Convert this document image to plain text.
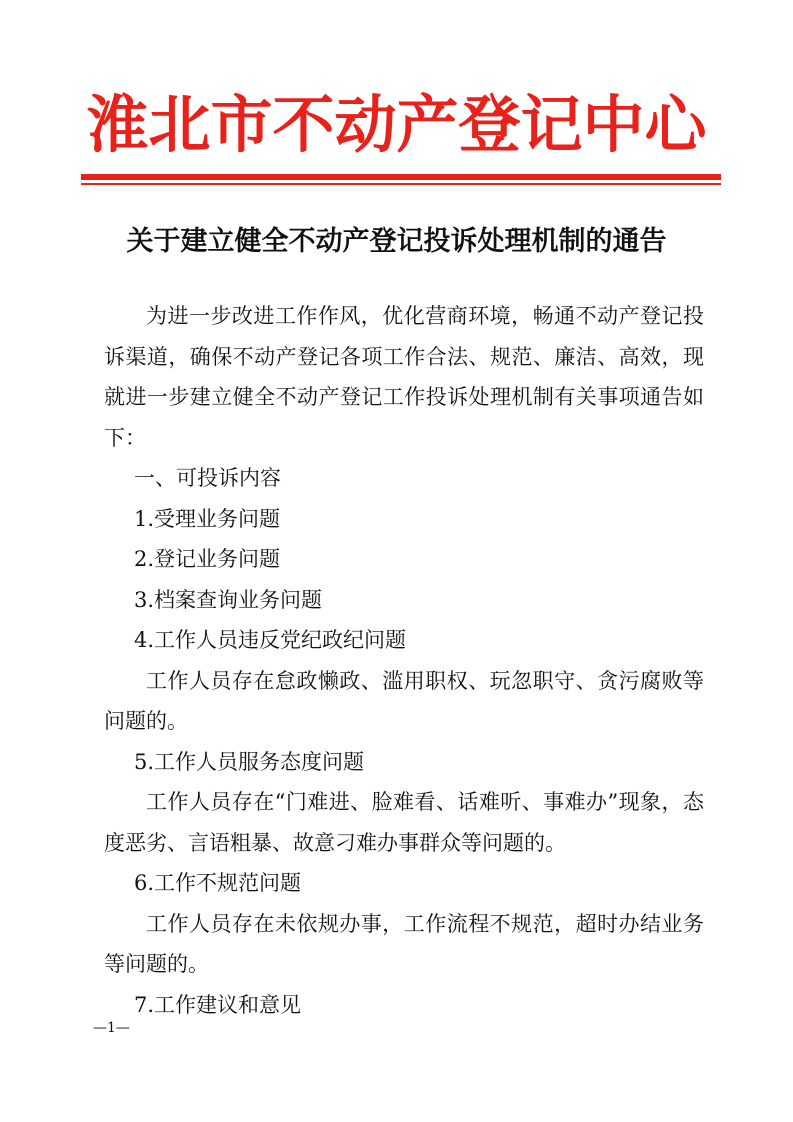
淮北市不动产登记中心
关于建立健全不动产登记投诉处理机制的通告

为进一步改进工作作风，优化营商环境，畅通不动产登记投诉渠道，确保不动产登记各项工作合法、规范、廉洁、高效，现就进一步建立健全不动产登记工作投诉处理机制有关事项通告如下：

一、可投诉内容

1.受理业务问题

2.登记业务问题

3.档案查询业务问题

4.工作人员违反党纪政纪问题

工作人员存在怠政懒政、滥用职权、玩忽职守、贪污腐败等问题的。

5.工作人员服务态度问题

工作人员存在“门难进、脸难看、话难听、事难办”现象，态度恶劣、言语粗暴、故意刁难办事群众等问题的。

6.工作不规范问题

工作人员存在未依规办事，工作流程不规范，超时办结业务等问题的。

7.工作建议和意见

—1—
